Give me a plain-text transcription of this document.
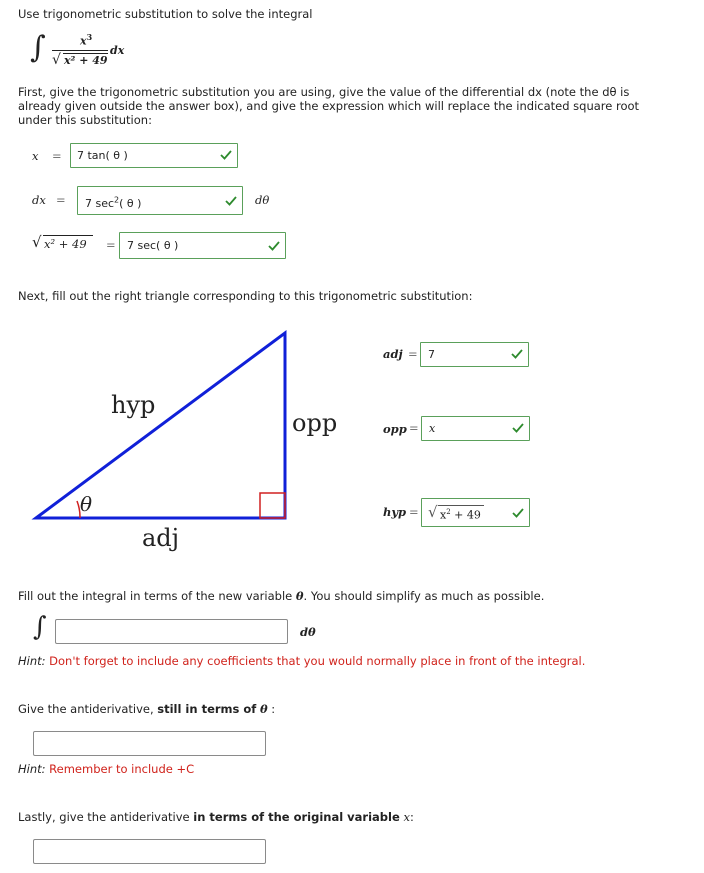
Use trigonometric substitution to solve the integral
∫	$x^3$
√ x² + 49
dx
First, give the trigonometric substitution you are using, give the value of the differential dx (note the dθ is
already given outside the answer box), and give the expression which will replace the indicated square root
under this substitution:
x =	7 tan( θ )
dx =	7 $\sec^2$( θ )	dθ
√ x² + 49 =	7 sec( θ )
Next, fill out the right triangle corresponding to this trigonometric substitution:
hyp
opp
adj
θ
adj = 7
opp = x
hyp = √ $x^2 + 49$
Fill out the integral in terms of the new variable θ. You should simplify as much as possible.
∫	dθ
Hint: Don't forget to include any coefficients that you would normally place in front of the integral.
Give the antiderivative, still in terms of θ :
Hint: Remember to include +C
Lastly, give the antiderivative in terms of the original variable x:
